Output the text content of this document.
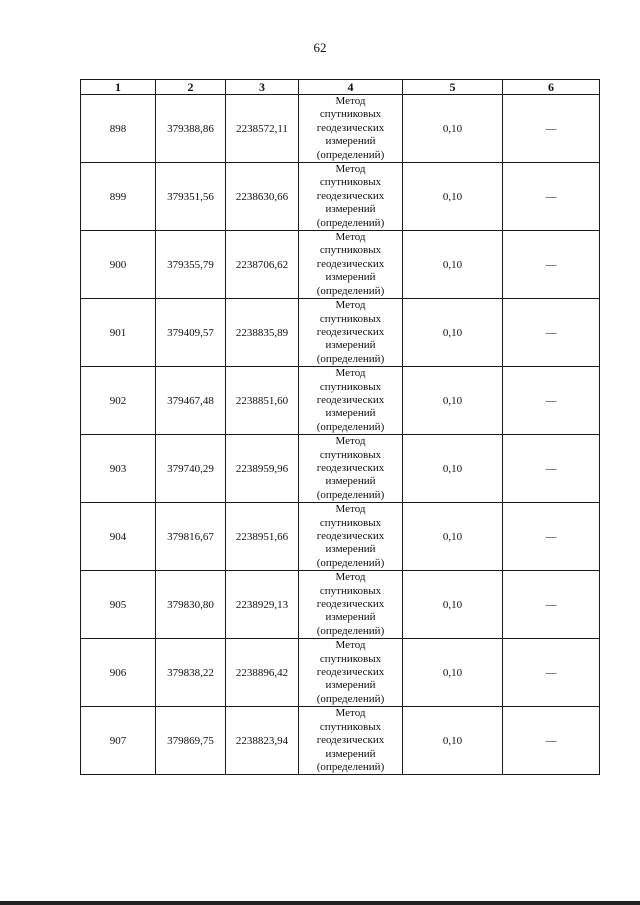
62
1	2	3	4	5	6
898	379388,86	2238572,11	Метод
спутниковых
геодезических
измерений
(определений)	0,10	—
899	379351,56	2238630,66	Метод
спутниковых
геодезических
измерений
(определений)	0,10	—
900	379355,79	2238706,62	Метод
спутниковых
геодезических
измерений
(определений)	0,10	—
901	379409,57	2238835,89	Метод
спутниковых
геодезических
измерений
(определений)	0,10	—
902	379467,48	2238851,60	Метод
спутниковых
геодезических
измерений
(определений)	0,10	—
903	379740,29	2238959,96	Метод
спутниковых
геодезических
измерений
(определений)	0,10	—
904	379816,67	2238951,66	Метод
спутниковых
геодезических
измерений
(определений)	0,10	—
905	379830,80	2238929,13	Метод
спутниковых
геодезических
измерений
(определений)	0,10	—
906	379838,22	2238896,42	Метод
спутниковых
геодезических
измерений
(определений)	0,10	—
907	379869,75	2238823,94	Метод
спутниковых
геодезических
измерений
(определений)	0,10	—
